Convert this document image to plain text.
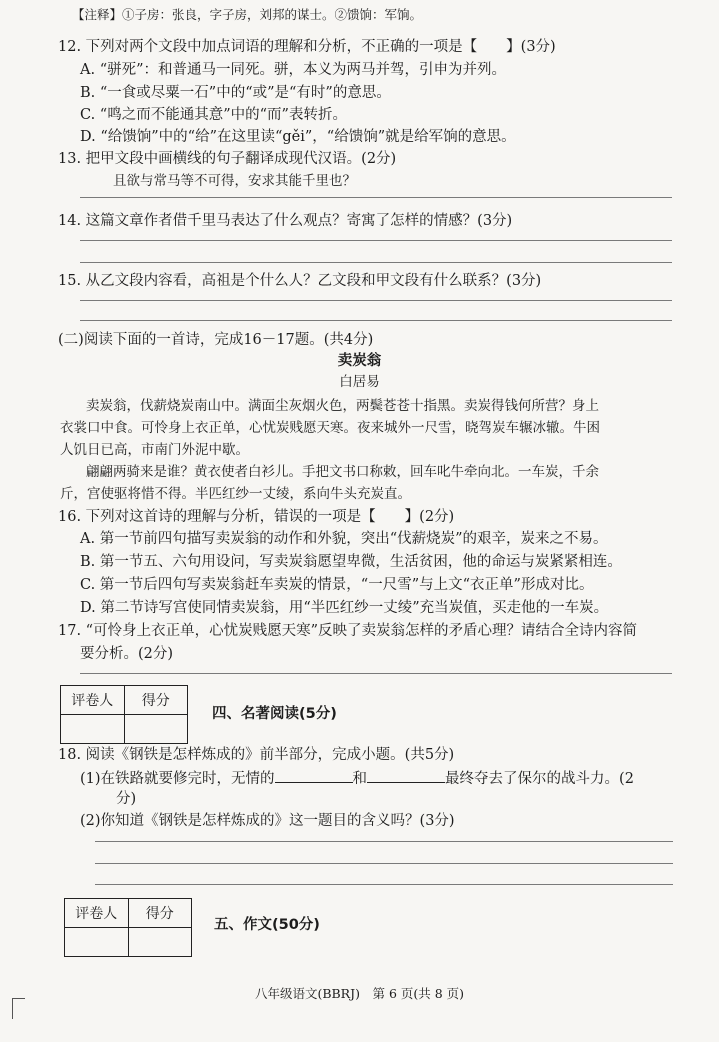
【注释】①子房：张良，字子房，刘邦的谋士。②馈饷：军饷。
12. 下列对两个文段中加点词语的理解和分析，不正确的一项是【　　】(3分)
A. “骈死”：和普通马一同死。骈，本义为两马并驾，引申为并列。
B. “一食或尽粟一石”中的“或”是“有时”的意思。
C. “鸣之而不能通其意”中的“而”表转折。
D. “给馈饷”中的“给”在这里读“gěi”，“给馈饷”就是给军饷的意思。
13. 把甲文段中画横线的句子翻译成现代汉语。(2分)
且欲与常马等不可得，安求其能千里也？
14. 这篇文章作者借千里马表达了什么观点？寄寓了怎样的情感？(3分)
15. 从乙文段内容看，高祖是个什么人？乙文段和甲文段有什么联系？(3分)
(二)阅读下面的一首诗，完成16－17题。(共4分)
卖炭翁
白居易
卖炭翁，伐薪烧炭南山中。满面尘灰烟火色，两鬓苍苍十指黑。卖炭得钱何所营？身上
衣裳口中食。可怜身上衣正单，心忧炭贱愿天寒。夜来城外一尺雪，晓驾炭车辗冰辙。牛困
人饥日已高，市南门外泥中歇。
翩翩两骑来是谁？黄衣使者白衫儿。手把文书口称敕，回车叱牛牵向北。一车炭，千余
斤，宫使驱将惜不得。半匹红纱一丈绫，系向牛头充炭直。
16. 下列对这首诗的理解与分析，错误的一项是【　　】(2分)
A. 第一节前四句描写卖炭翁的动作和外貌，突出“伐薪烧炭”的艰辛，炭来之不易。
B. 第一节五、六句用设问，写卖炭翁愿望卑微，生活贫困，他的命运与炭紧紧相连。
C. 第一节后四句写卖炭翁赶车卖炭的情景，“一尺雪”与上文“衣正单”形成对比。
D. 第二节诗写宫使同情卖炭翁，用“半匹红纱一丈绫”充当炭值，买走他的一车炭。
17. “可怜身上衣正单，心忧炭贱愿天寒”反映了卖炭翁怎样的矛盾心理？请结合全诗内容简
要分析。(2分)
评卷人	得分

四、名著阅读(5分)
18. 阅读《钢铁是怎样炼成的》前半部分，完成小题。(共5分)
(1)在铁路就要修完时，无情的	和	最终夺去了保尔的战斗力。(2
分)
(2)你知道《钢铁是怎样炼成的》这一题目的含义吗？(3分)
评卷人	得分

五、作文(50分)
八年级语文(BBRJ)　第 6 页(共 8 页)
